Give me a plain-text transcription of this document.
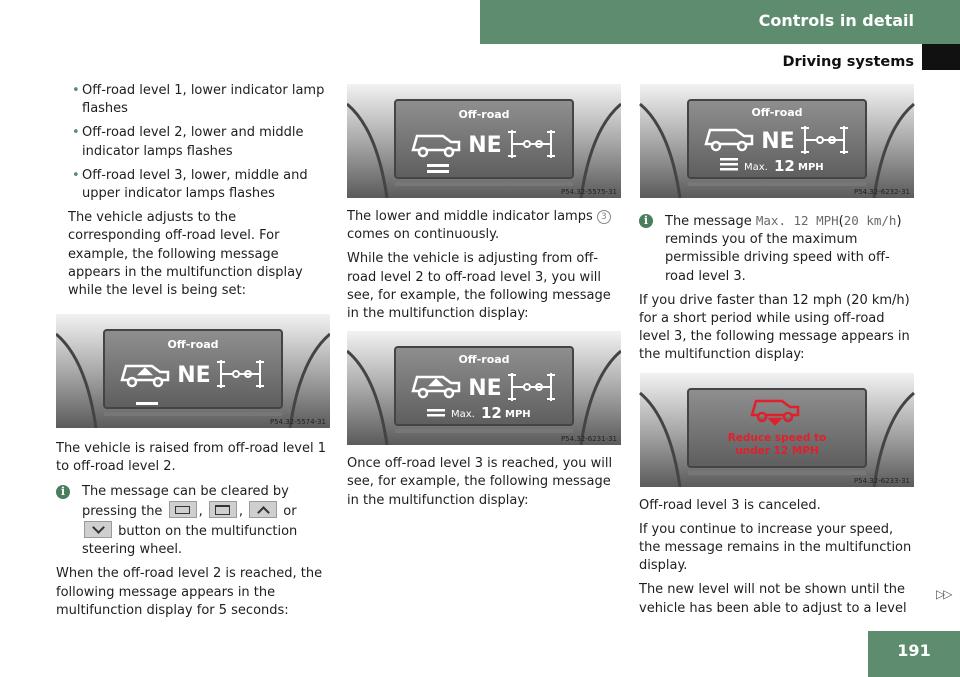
Controls in detail
Driving systems
• Off-road level 1, lower indicator lamp flashes
• Off-road level 2, lower and middle indicator lamps flashes
• Off-road level 3, lower, middle and upper indicator lamps flashes

The vehicle adjusts to the corresponding off-road level. For example, the following message appears in the multifunction display while the level is being set:

Off-road
NE
P54.32-5574-31

The vehicle is raised from off-road level 1 to off-road level 2.

i	The message can be cleared by pressing the	,	,	or  button on the multifunction steering wheel.

When the off-road level 2 is reached, the following message appears in the multifunction display for 5 seconds:

Off-road
NE
P54.32-5575-31

The lower and middle indicator lamps 3 comes on continuously.

While the vehicle is adjusting from off-road level 2 to off-road level 3, you will see, for example, the following message in the multifunction display:

Off-road
NE
Max. 12 MPH
P54.32-6231-31

Once off-road level 3 is reached, you will see, for example, the following message in the multifunction display:

Off-road
NE
Max. 12 MPH
P54.32-6232-31
i	The message Max. 12 MPH(20 km/h) reminds you of the maximum permissible driving speed with off-road level 3.

If you drive faster than 12 mph (20 km/h) for a short period while using off-road level 3, the following message appears in the multifunction display:

Reduce speed to
under 12 MPH
P54.32-6233-31

Off-road level 3 is canceled.

If you continue to increase your speed, the message remains in the multifunction display.

The new level will not be shown until the vehicle has been able to adjust to a level

▷▷
191
